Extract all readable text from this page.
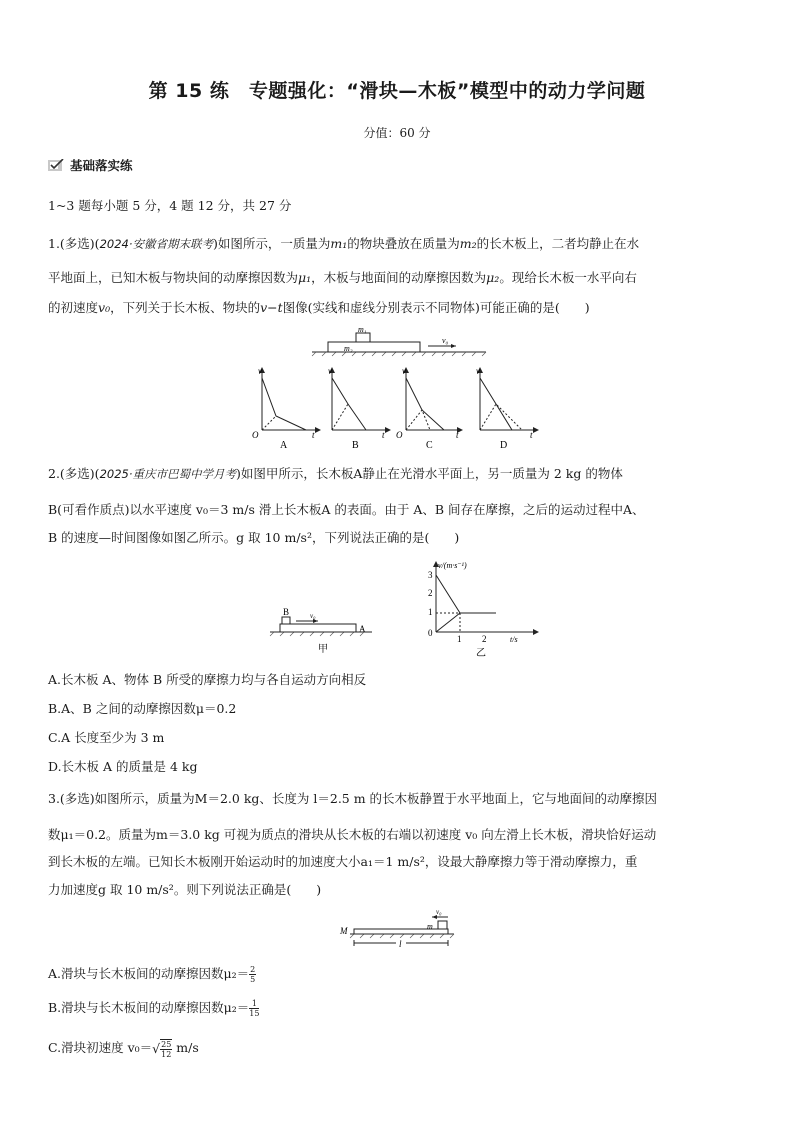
第 15 练　专题强化：“滑块—木板”模型中的动力学问题
分值：60 分
基础落实练
1~3 题每小题 5 分，4 题 12 分，共 27 分
1.(多选)(2024·安徽省期末联考)如图所示，一质量为m₁的物块叠放在质量为m₂的长木板上，二者均静止在水
平地面上，已知木板与物块间的动摩擦因数为μ₁，木板与地面间的动摩擦因数为μ₂。现给长木板一水平向右
的初速度v₀，下列关于长木板、物块的v−t图像(实线和虚线分别表示不同物体)可能正确的是(　　)
m₁
m₂
v₀
v
O	t
A
v
t
B
v
O	t
C
v
t
D
2.(多选)(2025·重庆市巴蜀中学月考)如图甲所示，长木板A静止在光滑水平面上，另一质量为 2 kg 的物体
B(可看作质点)以水平速度 v₀＝3 m/s 滑上长木板A 的表面。由于 A、B 间存在摩擦，之后的运动过程中A、
B 的速度—时间图像如图乙所示。g 取 10 m/s²，下列说法正确的是(　　)
B
A
v₀
甲
v/(m·s⁻¹)
t/s
3
2
1
0
1 2
乙
A.长木板 A、物体 B 所受的摩擦力均与各自运动方向相反
B.A、B 之间的动摩擦因数μ＝0.2
C.A 长度至少为 3 m
D.长木板 A 的质量是 4 kg
3.(多选)如图所示，质量为M＝2.0 kg、长度为 l＝2.5 m 的长木板静置于水平地面上，它与地面间的动摩擦因
数μ₁＝0.2。质量为m＝3.0 kg 可视为质点的滑块从长木板的右端以初速度 v₀ 向左滑上长木板，滑块恰好运动
到长木板的左端。已知长木板刚开始运动时的加速度大小a₁＝1 m/s²，设最大静摩擦力等于滑动摩擦力，重
力加速度g 取 10 m/s²。则下列说法正确是(　　)
M	m
v₀
l
A.滑块与长木板间的动摩擦因数$\mu_2= \frac{2}{5}$
B.滑块与长木板间的动摩擦因数$\mu_2= \frac{1}{15}$
C.滑块初速度 $v_0=√ \frac{25}{12} m/s$
